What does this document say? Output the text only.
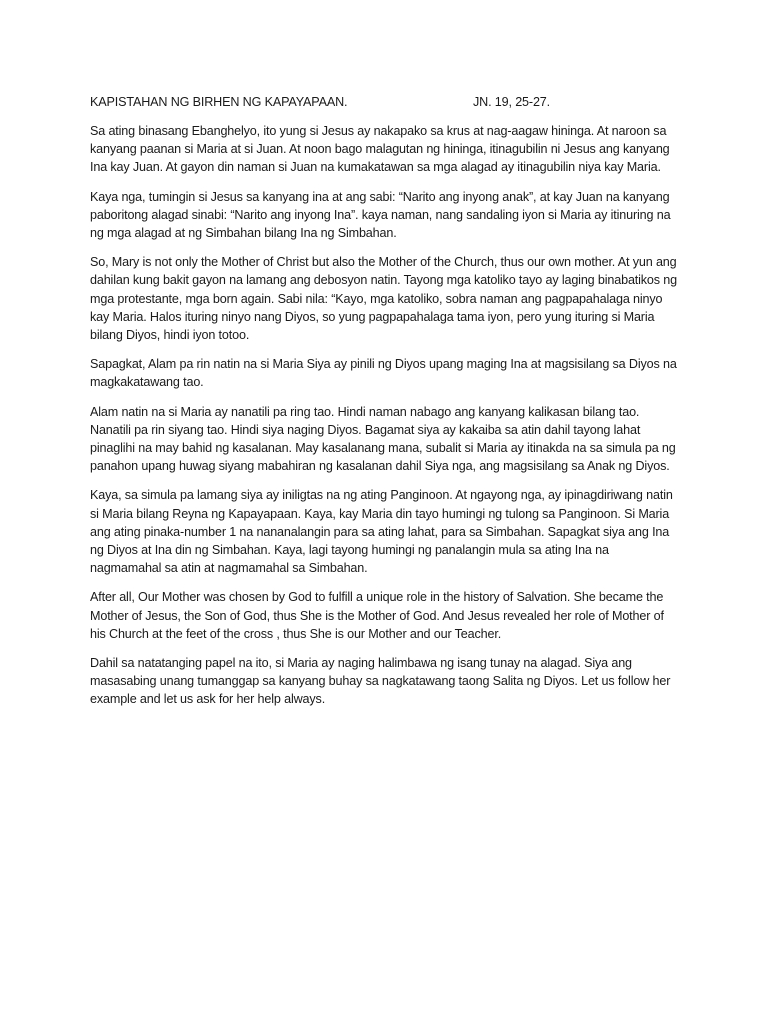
KAPISTAHAN NG BIRHEN NG KAPAYAPAAN.	JN. 19, 25-27.

Sa ating binasang Ebanghelyo, ito yung si Jesus ay nakapako sa krus at nag-aagaw hininga. At naroon sa kanyang paanan si Maria at si Juan. At noon bago malagutan ng hininga, itinagubilin ni Jesus ang kanyang Ina kay Juan. At gayon din naman si Juan na kumakatawan sa mga alagad ay itinagubilin niya kay Maria.

Kaya nga, tumingin si Jesus sa kanyang ina at ang sabi: “Narito ang inyong anak”, at kay Juan na kanyang paboritong alagad sinabi: “Narito ang inyong Ina”. kaya naman, nang sandaling iyon si Maria ay itinuring na ng mga alagad at ng Simbahan bilang Ina ng Simbahan.

So, Mary is not only the Mother of Christ but also the Mother of the Church, thus our own mother. At yun ang dahilan kung bakit gayon na lamang ang debosyon natin. Tayong mga katoliko tayo ay laging binabatikos ng mga protestante, mga born again. Sabi nila: “Kayo, mga katoliko, sobra naman ang pagpapahalaga ninyo kay Maria. Halos ituring ninyo nang Diyos, so yung pagpapahalaga tama iyon, pero yung ituring si Maria bilang Diyos, hindi iyon totoo.

Sapagkat, Alam pa rin natin na si Maria Siya ay pinili ng Diyos upang maging Ina at magsisilang sa Diyos na magkakatawang tao.

Alam natin na si Maria ay nanatili pa ring tao. Hindi naman nabago ang kanyang kalikasan bilang tao. Nanatili pa rin siyang tao. Hindi siya naging Diyos. Bagamat siya ay kakaiba sa atin dahil tayong lahat pinaglihi na may bahid ng kasalanan. May kasalanang mana, subalit si Maria ay itinakda na sa simula pa ng panahon upang huwag siyang mabahiran ng kasalanan dahil Siya nga, ang magsisilang sa Anak ng Diyos.

Kaya, sa simula pa lamang siya ay iniligtas na ng ating Panginoon. At ngayong nga, ay ipinagdiriwang natin si Maria bilang Reyna ng Kapayapaan. Kaya, kay Maria din tayo humingi ng tulong sa Panginoon. Si Maria ang ating pinaka-number 1 na nananalangin para sa ating lahat, para sa Simbahan. Sapagkat siya ang Ina ng Diyos at Ina din ng Simbahan. Kaya, lagi tayong humingi ng panalangin mula sa ating Ina na nagmamahal sa atin at nagmamahal sa Simbahan.

After all, Our Mother was chosen by God to fulfill a unique role in the history of Salvation. She became the Mother of Jesus, the Son of God, thus She is the Mother of God. And Jesus revealed her role of Mother of his Church at the feet of the cross , thus She is our Mother and our Teacher.

Dahil sa natatanging papel na ito, si Maria ay naging halimbawa ng isang tunay na alagad. Siya ang masasabing unang tumanggap sa kanyang buhay sa nagkatawang taong Salita ng Diyos. Let us follow her example and let us ask for her help always.
